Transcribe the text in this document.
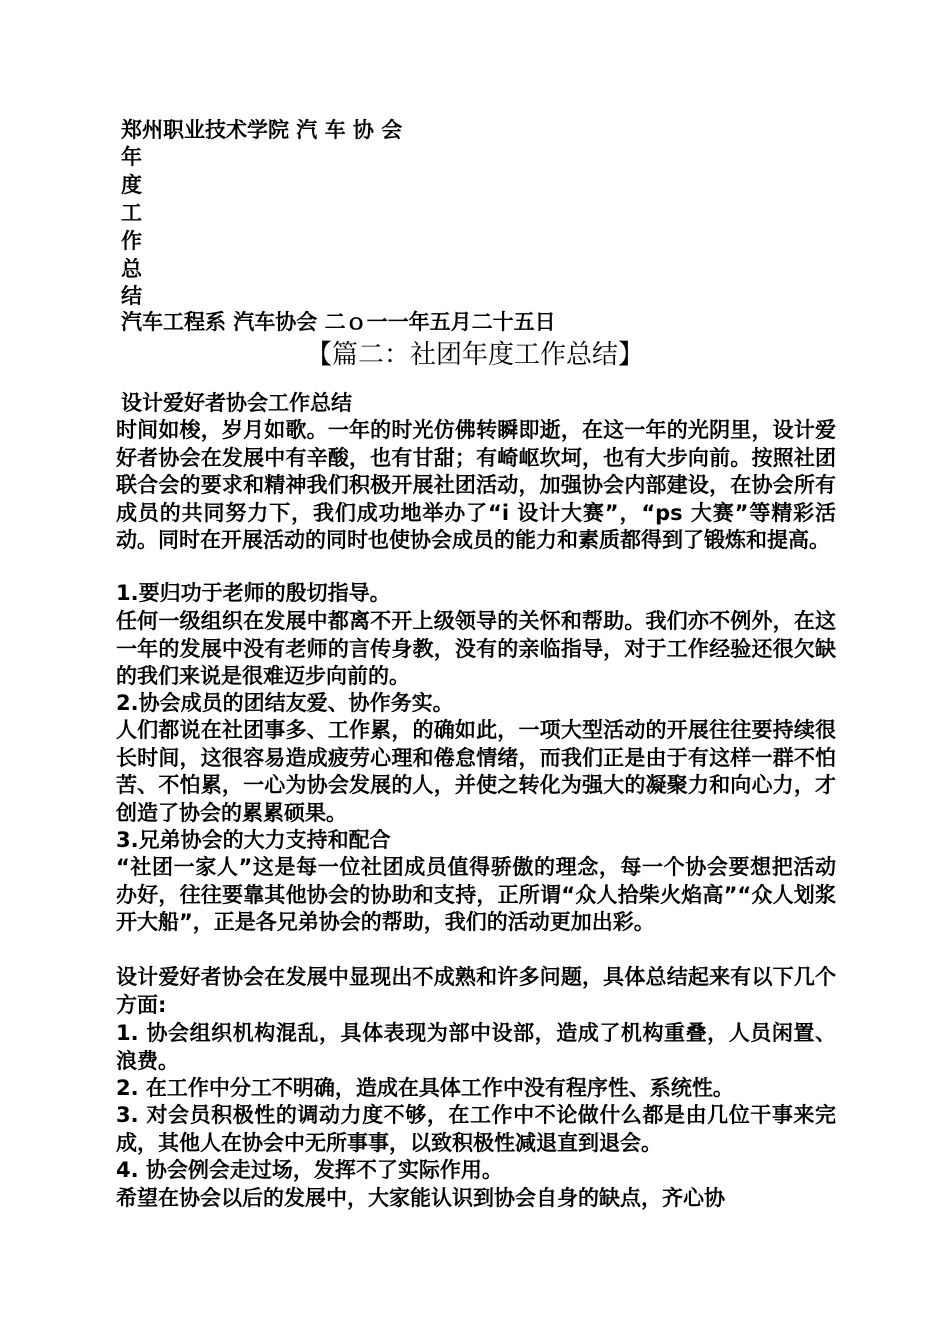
郑州职业技术学院 汽 车 协 会
年
度
工
作
总
结
汽车工程系 汽车协会 二ｏ一一年五月二十五日
【篇二：社团年度工作总结】
设计爱好者协会工作总结
时间如梭，岁月如歌。一年的时光仿佛转瞬即逝，在这一年的光阴里，设计爱好者协会在发展中有辛酸，也有甘甜；有崎岖坎坷，也有大步向前。按照社团联合会的要求和精神我们积极开展社团活动，加强协会内部建设，在协会所有成员的共同努力下，我们成功地举办了“i 设计大赛”，“ps 大赛”等精彩活动。同时在开展活动的同时也使协会成员的能力和素质都得到了锻炼和提高。
1.要归功于老师的殷切指导。
任何一级组织在发展中都离不开上级领导的关怀和帮助。我们亦不例外，在这一年的发展中没有老师的言传身教，没有的亲临指导，对于工作经验还很欠缺的我们来说是很难迈步向前的。
2.协会成员的团结友爱、协作务实。
人们都说在社团事多、工作累，的确如此，一项大型活动的开展往往要持续很长时间，这很容易造成疲劳心理和倦怠情绪，而我们正是由于有这样一群不怕苦、不怕累，一心为协会发展的人，并使之转化为强大的凝聚力和向心力，才创造了协会的累累硕果。
3.兄弟协会的大力支持和配合
“社团一家人”这是每一位社团成员值得骄傲的理念，每一个协会要想把活动办好，往往要靠其他协会的协助和支持，正所谓“众人拾柴火焰高”“众人划浆开大船”，正是各兄弟协会的帮助，我们的活动更加出彩。
设计爱好者协会在发展中显现出不成熟和许多问题，具体总结起来有以下几个方面:
1. 协会组织机构混乱，具体表现为部中设部，造成了机构重叠，人员闲置、浪费。
2. 在工作中分工不明确，造成在具体工作中没有程序性、系统性。
3. 对会员积极性的调动力度不够，在工作中不论做什么都是由几位干事来完成，其他人在协会中无所事事，以致积极性减退直到退会。
4. 协会例会走过场，发挥不了实际作用。
希望在协会以后的发展中，大家能认识到协会自身的缺点，齐心协
